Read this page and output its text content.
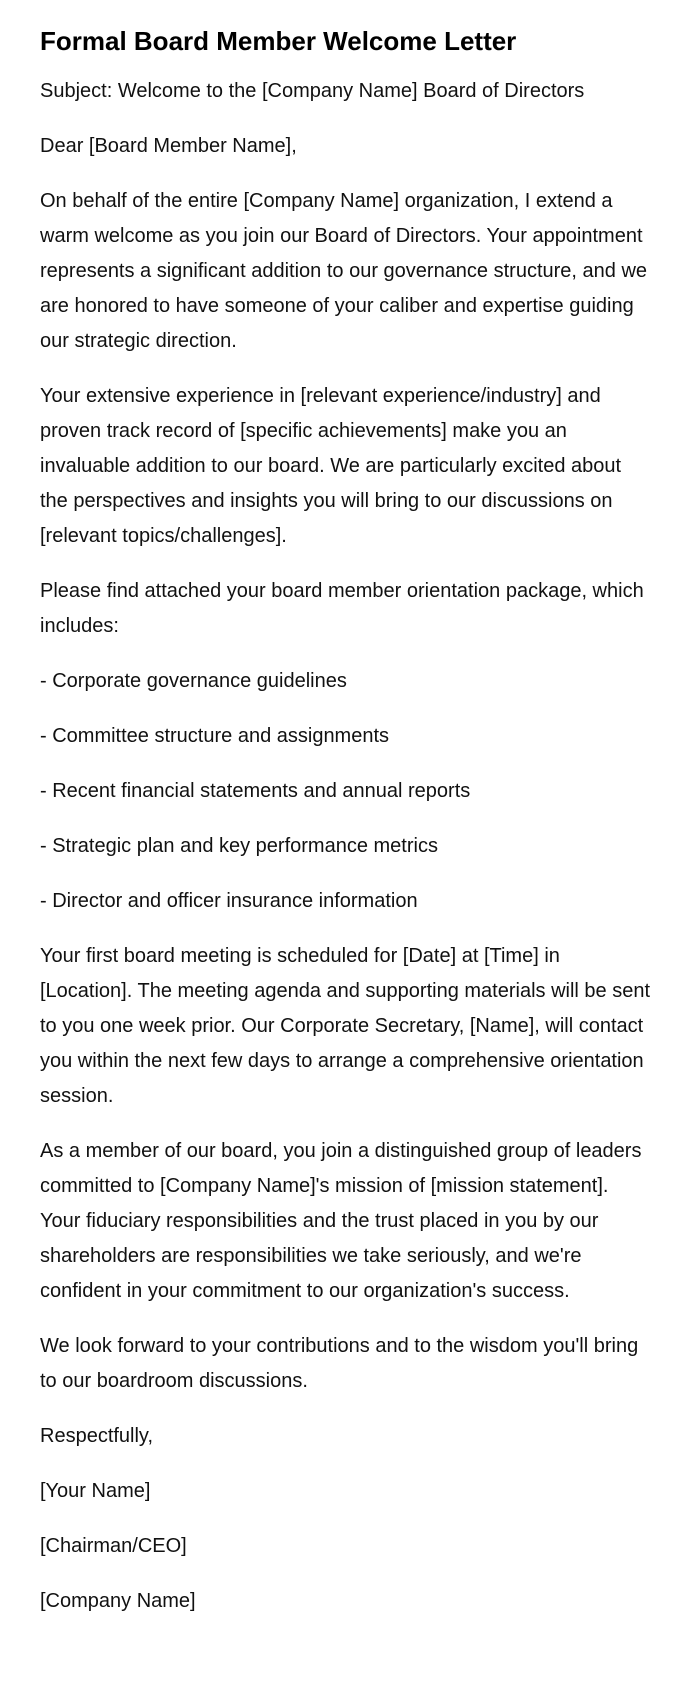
Formal Board Member Welcome Letter

Subject: Welcome to the [Company Name] Board of Directors

Dear [Board Member Name],

On behalf of the entire [Company Name] organization, I extend a warm welcome as you join our Board of Directors. Your appointment represents a significant addition to our governance structure, and we are honored to have someone of your caliber and expertise guiding our strategic direction.

Your extensive experience in [relevant experience/industry] and proven track record of [specific achievements] make you an invaluable addition to our board. We are particularly excited about the perspectives and insights you will bring to our discussions on [relevant topics/challenges].

Please find attached your board member orientation package, which includes:

- Corporate governance guidelines

- Committee structure and assignments

- Recent financial statements and annual reports

- Strategic plan and key performance metrics

- Director and officer insurance information

Your first board meeting is scheduled for [Date] at [Time] in [Location]. The meeting agenda and supporting materials will be sent to you one week prior. Our Corporate Secretary, [Name], will contact you within the next few days to arrange a comprehensive orientation session.

As a member of our board, you join a distinguished group of leaders committed to [Company Name]'s mission of [mission statement]. Your fiduciary responsibilities and the trust placed in you by our shareholders are responsibilities we take seriously, and we're confident in your commitment to our organization's success.

We look forward to your contributions and to the wisdom you'll bring to our boardroom discussions.

Respectfully,

[Your Name]

[Chairman/CEO]

[Company Name]
